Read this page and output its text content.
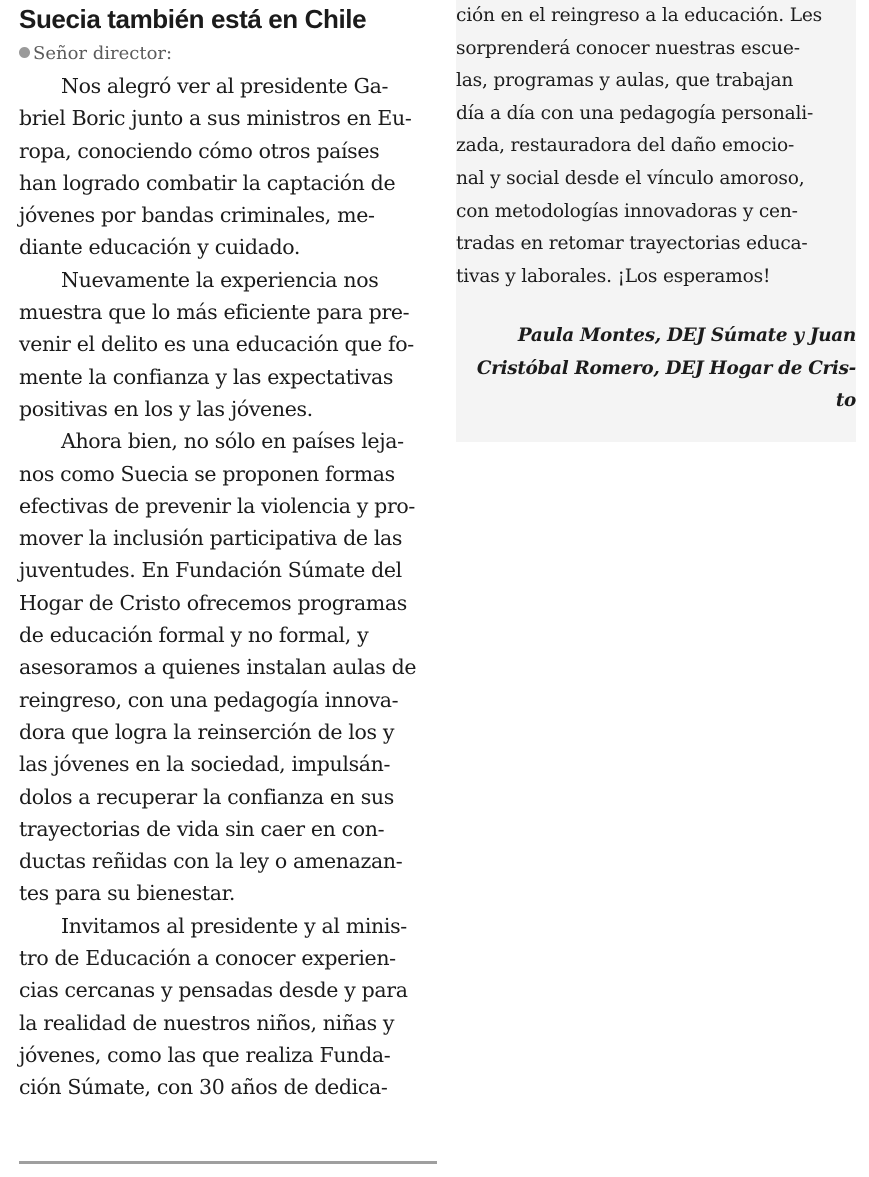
Suecia también está en Chile

Señor director:

Nos alegró ver al presidente Ga-
briel Boric junto a sus ministros en Eu-
ropa, conociendo cómo otros países
han logrado combatir la captación de
jóvenes por bandas criminales, me-
diante educación y cuidado.
Nuevamente la experiencia nos
muestra que lo más eficiente para pre-
venir el delito es una educación que fo-
mente la confianza y las expectativas
positivas en los y las jóvenes.
Ahora bien, no sólo en países leja-
nos como Suecia se proponen formas
efectivas de prevenir la violencia y pro-
mover la inclusión participativa de las
juventudes. En Fundación Súmate del
Hogar de Cristo ofrecemos programas
de educación formal y no formal, y
asesoramos a quienes instalan aulas de
reingreso, con una pedagogía innova-
dora que logra la reinserción de los y
las jóvenes en la sociedad, impulsán-
dolos a recuperar la confianza en sus
trayectorias de vida sin caer en con-
ductas reñidas con la ley o amenazan-
tes para su bienestar.
Invitamos al presidente y al minis-
tro de Educación a conocer experien-
cias cercanas y pensadas desde y para
la realidad de nuestros niños, niñas y
jóvenes, como las que realiza Funda-
ción Súmate, con 30 años de dedica-
ción en el reingreso a la educación. Les
sorprenderá conocer nuestras escue-
las, programas y aulas, que trabajan
día a día con una pedagogía personali-
zada, restauradora del daño emocio-
nal y social desde el vínculo amoroso,
con metodologías innovadoras y cen-
tradas en retomar trayectorias educa-
tivas y laborales. ¡Los esperamos!
Paula Montes, DEJ Súmate y Juan
Cristóbal Romero, DEJ Hogar de Cris-
to
